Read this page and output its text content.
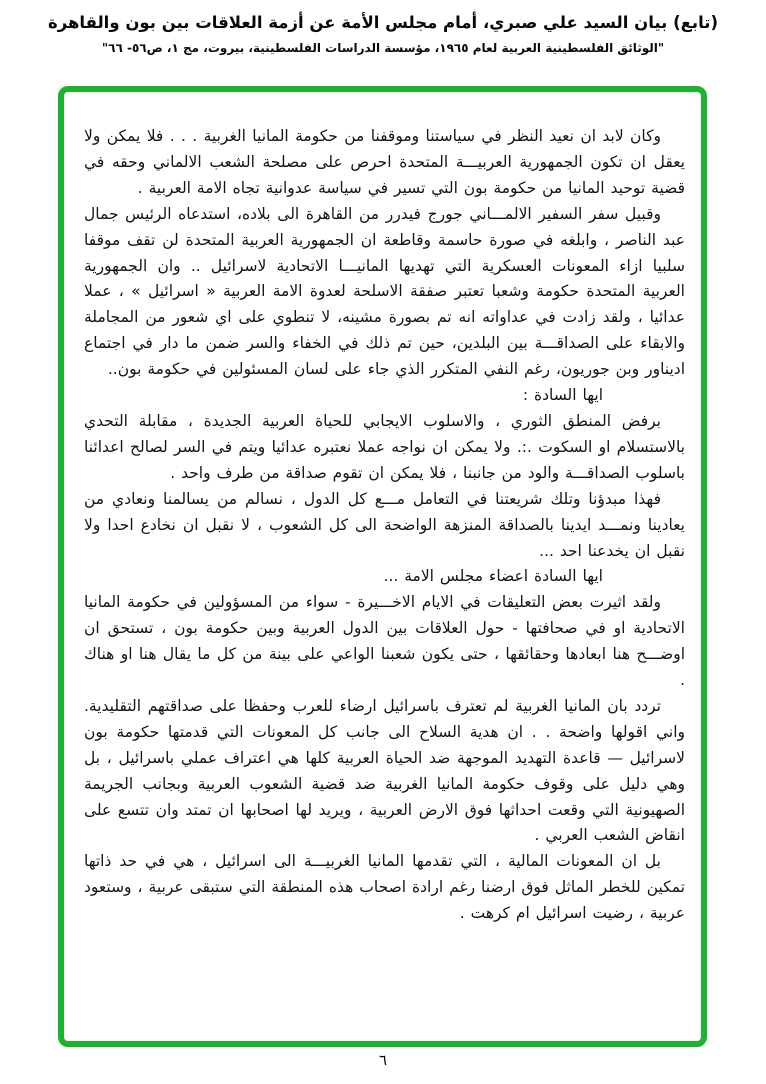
(تابع) بيان السيد علي صبري، أمام مجلس الأمة عن أزمة العلاقات بين بون والقاهرة
"الوثائق الفلسطينية العربية لعام ١٩٦٥، مؤسسة الدراسات الفلسطينية، بيروت، مج ١، ص٥٦- ٦٦"

وكان لابد ان نعيد النظر في سياستنا وموقفنا من حكومة المانيا الغربية . . . فلا يمكن ولا يعقل ان تكون الجمهورية العربيـــة المتحدة احرص على مصلحة الشعب الالماني وحقه في قضية توحيد المانيا من حكومة بون التي تسير في سياسة عدوانية تجاه الامة العربية .

وقبيل سفر السفير الالمـــاني جورج فيدرر من القاهرة الى بلاده، استدعاه الرئيس جمال عبد الناصر ، وابلغه في صورة حاسمة وقاطعة ان الجمهورية العربية المتحدة لن تقف موقفا سلبيا ازاء المعونات العسكرية التي تهديها المانيـــا الاتحادية لاسرائيل .. وان الجمهورية العربية المتحدة حكومة وشعبا تعتبر صفقة الاسلحة لعدوة الامة العربية « اسرائيل » ، عملا عدائيا ، ولقد زادت في عداواته انه تم بصورة مشينه، لا تنطوي على اي شعور من المجاملة والابقاء على الصداقـــة بين البلدين، حين تم ذلك في الخفاء والسر ضمن ما دار في اجتماع اديناور وبن جوريون، رغم النفي المتكرر الذي جاء على لسان المسئولين في حكومة بون..

ايها السادة :

برفض المنطق الثوري ، والاسلوب الايجابي للحياة العربية الجديدة ، مقابلة التحدي بالاستسلام او السكوت .:. ولا يمكن ان نواجه عملا نعتبره عدائيا ويتم في السر لصالح اعدائنا باسلوب الصداقـــة والود من جانبنا ، فلا يمكن ان تقوم صداقة من طرف واحد .

فهذا مبدؤنا وتلك شريعتنا في التعامل مـــع كل الدول ، نسالم من يسالمنا ونعادي من يعادينا ونمـــد ايدينا بالصداقة المنزهة الواضحة الى كل الشعوب ، لا نقبل ان نخادع احدا ولا نقبل ان يخدعنا احد ...

ايها السادة اعضاء مجلس الامة ...

ولقد اثيرت بعض التعليقات في الايام الاخـــيرة - سواء من المسؤولين في حكومة المانيا الاتحادية او في صحافتها - حول العلاقات بين الدول العربية وبين حكومة بون ، تستحق ان اوضـــح هنا ابعادها وحقائقها ، حتى يكون شعبنا الواعي على بينة من كل ما يقال هنا او هناك .

تردد بان المانيا الغربية لم تعترف باسرائيل ارضاء للعرب وحفظا على صداقتهم التقليدية. واني اقولها واضحة . . ان هدية السلاح الى جانب كل المعونات التي قدمتها حكومة بون لاسرائيل — قاعدة التهديد الموجهة ضد الحياة العربية كلها هي اعتراف عملي باسرائيل ، بل وهي دليل على وقوف حكومة المانيا الغربية ضد قضية الشعوب العربية وبجانب الجريمة الصهيونية التي وقعت احداثها فوق الارض العربية ، ويريد لها اصحابها ان تمتد وان تتسع على انقاض الشعب العربي .

بل ان المعونات المالية ، التي تقدمها المانيا الغربيـــة الى اسرائيل ، هي في حد ذاتها تمكين للخطر الماثل فوق ارضنا رغم ارادة اصحاب هذه المنطقة التي ستبقى عربية ، وستعود عربية ، رضيت اسرائيل ام كرهت .

٦
